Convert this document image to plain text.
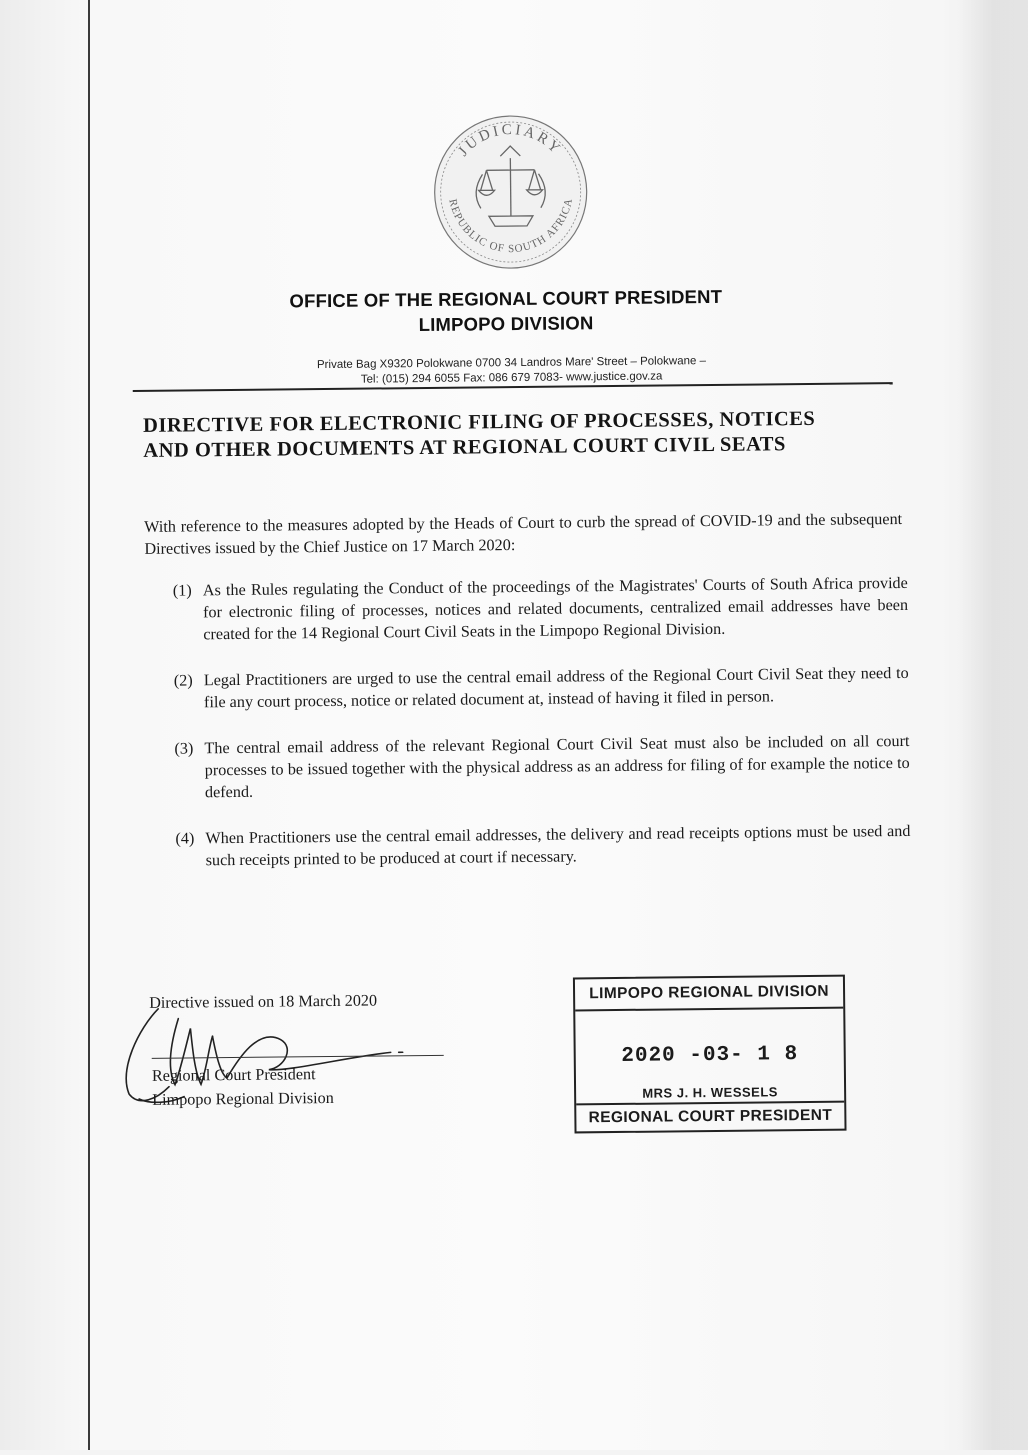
JUDICIARY
REPUBLIC OF SOUTH AFRICA
OFFICE OF THE REGIONAL COURT PRESIDENT
LIMPOPO DIVISION
Private Bag X9320 Polokwane 0700 34 Landros Mare' Street – Polokwane –
Tel: (015) 294 6055 Fax: 086 679 7083- www.justice.gov.za
DIRECTIVE FOR ELECTRONIC FILING OF PROCESSES, NOTICES
AND OTHER DOCUMENTS AT REGIONAL COURT CIVIL SEATS
With reference to the measures adopted by the Heads of Court to curb the spread of COVID-19 and the subsequent Directives issued by the Chief Justice on 17 March 2020:
(1) As the Rules regulating the Conduct of the proceedings of the Magistrates' Courts of South Africa provide for electronic filing of processes, notices and related documents, centralized email addresses have been created for the 14 Regional Court Civil Seats in the Limpopo Regional Division.
(2) Legal Practitioners are urged to use the central email address of the Regional Court Civil Seat they need to file any court process, notice or related document at, instead of having it filed in person.
(3) The central email address of the relevant Regional Court Civil Seat must also be included on all court processes to be issued together with the physical address as an address for filing of for example the notice to defend.
(4) When Practitioners use the central email addresses, the delivery and read receipts options must be used and such receipts printed to be produced at court if necessary.
Directive issued on 18 March 2020
Regional Court President
Limpopo Regional Division
LIMPOPO REGIONAL DIVISION
2020 -03- 1 8
MRS J. H. WESSELS
REGIONAL COURT PRESIDENT
